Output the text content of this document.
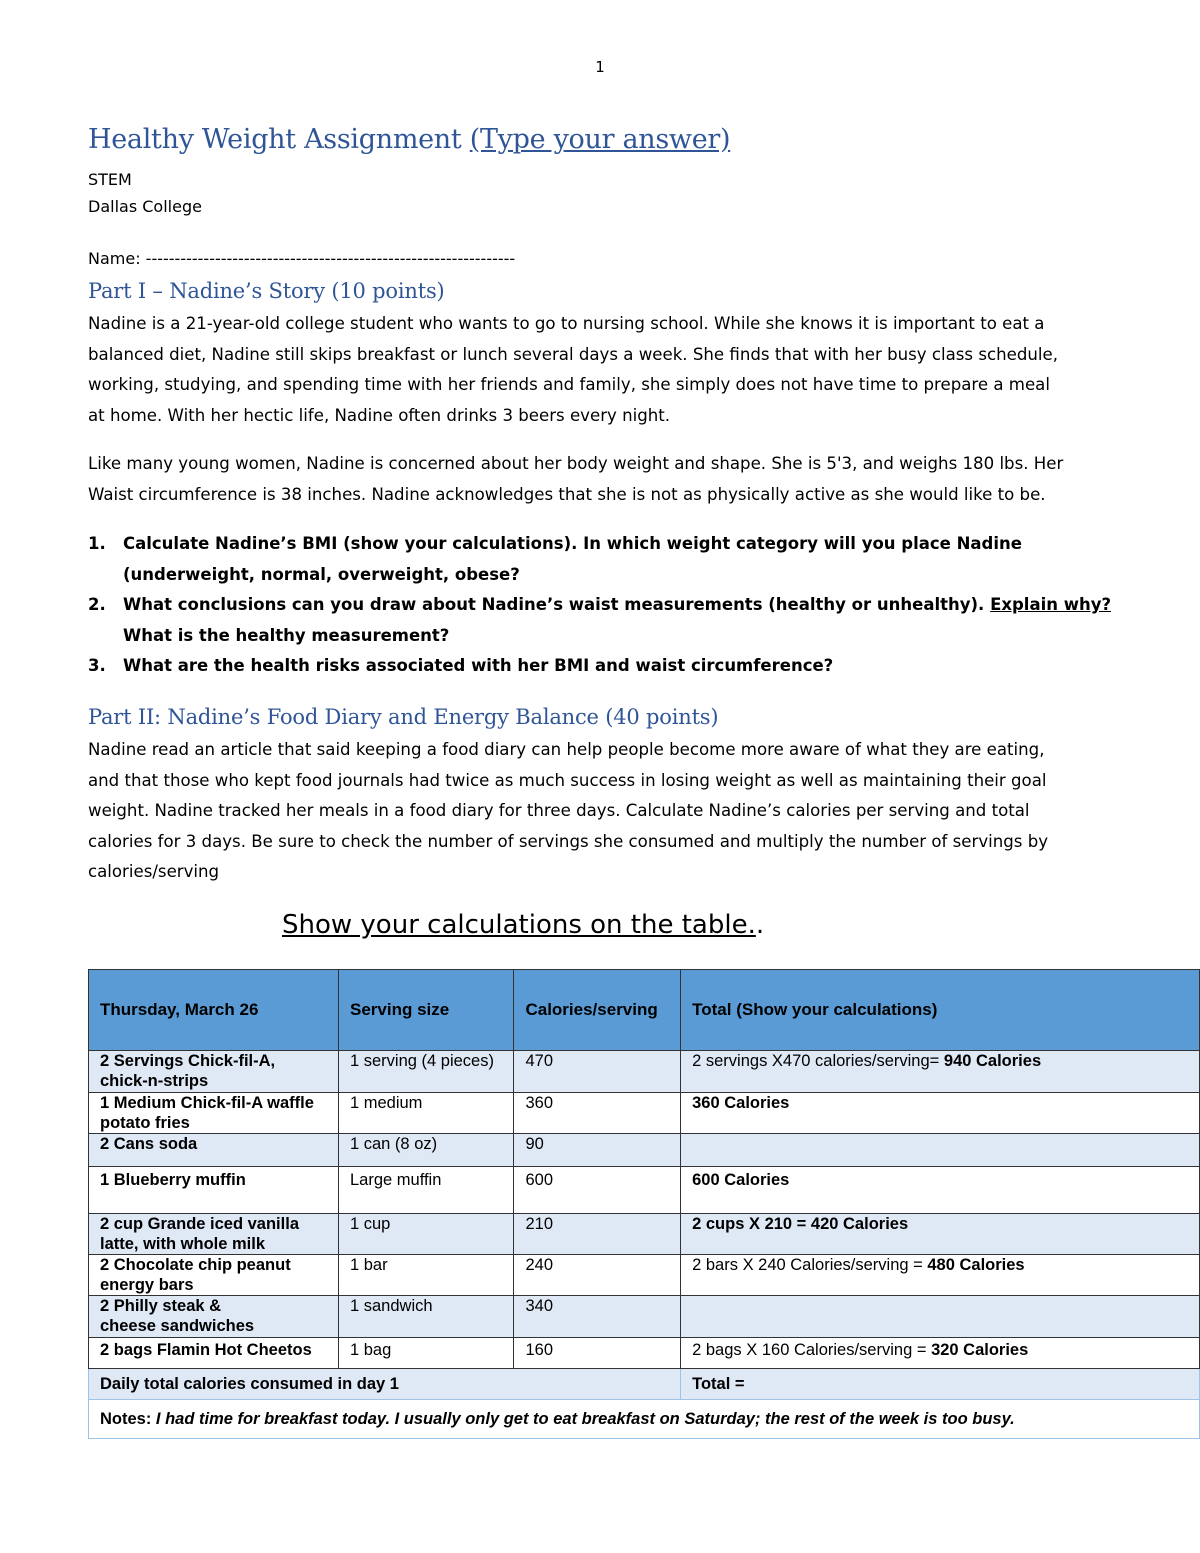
1
Healthy Weight Assignment (Type your answer)
STEM
Dallas College
Name: ----------------------------------------------------------------
Part I – Nadine’s Story (10 points)
Nadine is a 21-year-old college student who wants to go to nursing school. While she knows it is important to eat a
balanced diet, Nadine still skips breakfast or lunch several days a week. She finds that with her busy class schedule,
working, studying, and spending time with her friends and family, she simply does not have time to prepare a meal
at home. With her hectic life, Nadine often drinks 3 beers every night.
Like many young women, Nadine is concerned about her body weight and shape. She is 5'3, and weighs 180 lbs. Her
Waist circumference is 38 inches. Nadine acknowledges that she is not as physically active as she would like to be.
1. Calculate Nadine’s BMI (show your calculations). In which weight category will you place Nadine
(underweight, normal, overweight, obese?
2. What conclusions can you draw about Nadine’s waist measurements (healthy or unhealthy). Explain why?
What is the healthy measurement?
3. What are the health risks associated with her BMI and waist circumference?
Part II: Nadine’s Food Diary and Energy Balance (40 points)
Nadine read an article that said keeping a food diary can help people become more aware of what they are eating,
and that those who kept food journals had twice as much success in losing weight as well as maintaining their goal
weight. Nadine tracked her meals in a food diary for three days. Calculate Nadine’s calories per serving and total
calories for 3 days. Be sure to check the number of servings she consumed and multiply the number of servings by
calories/serving
Show your calculations on the table..
Thursday, March 26	Serving size	Calories/serving	Total (Show your calculations)
2 Servings Chick-fil-A,
chick-n-strips	1 serving (4 pieces)	470	2 servings X470 calories/serving= 940 Calories
1 Medium Chick-fil-A waffle
potato fries	1 medium	360	360 Calories
2 Cans soda	1 can (8 oz)	90	
1 Blueberry muffin	Large muffin	600	600 Calories
2 cup Grande iced vanilla
latte, with whole milk	1 cup	210	2 cups X 210 = 420 Calories
2 Chocolate chip peanut
energy bars	1 bar	240	2 bars X 240 Calories/serving = 480 Calories
2 Philly steak &
cheese sandwiches	1 sandwich	340	
2 bags Flamin Hot Cheetos	1 bag	160	2 bags X 160 Calories/serving = 320 Calories
Daily total calories consumed in day 1			Total =
Notes: I had time for breakfast today. I usually only get to eat breakfast on Saturday; the rest of the week is too busy.			
